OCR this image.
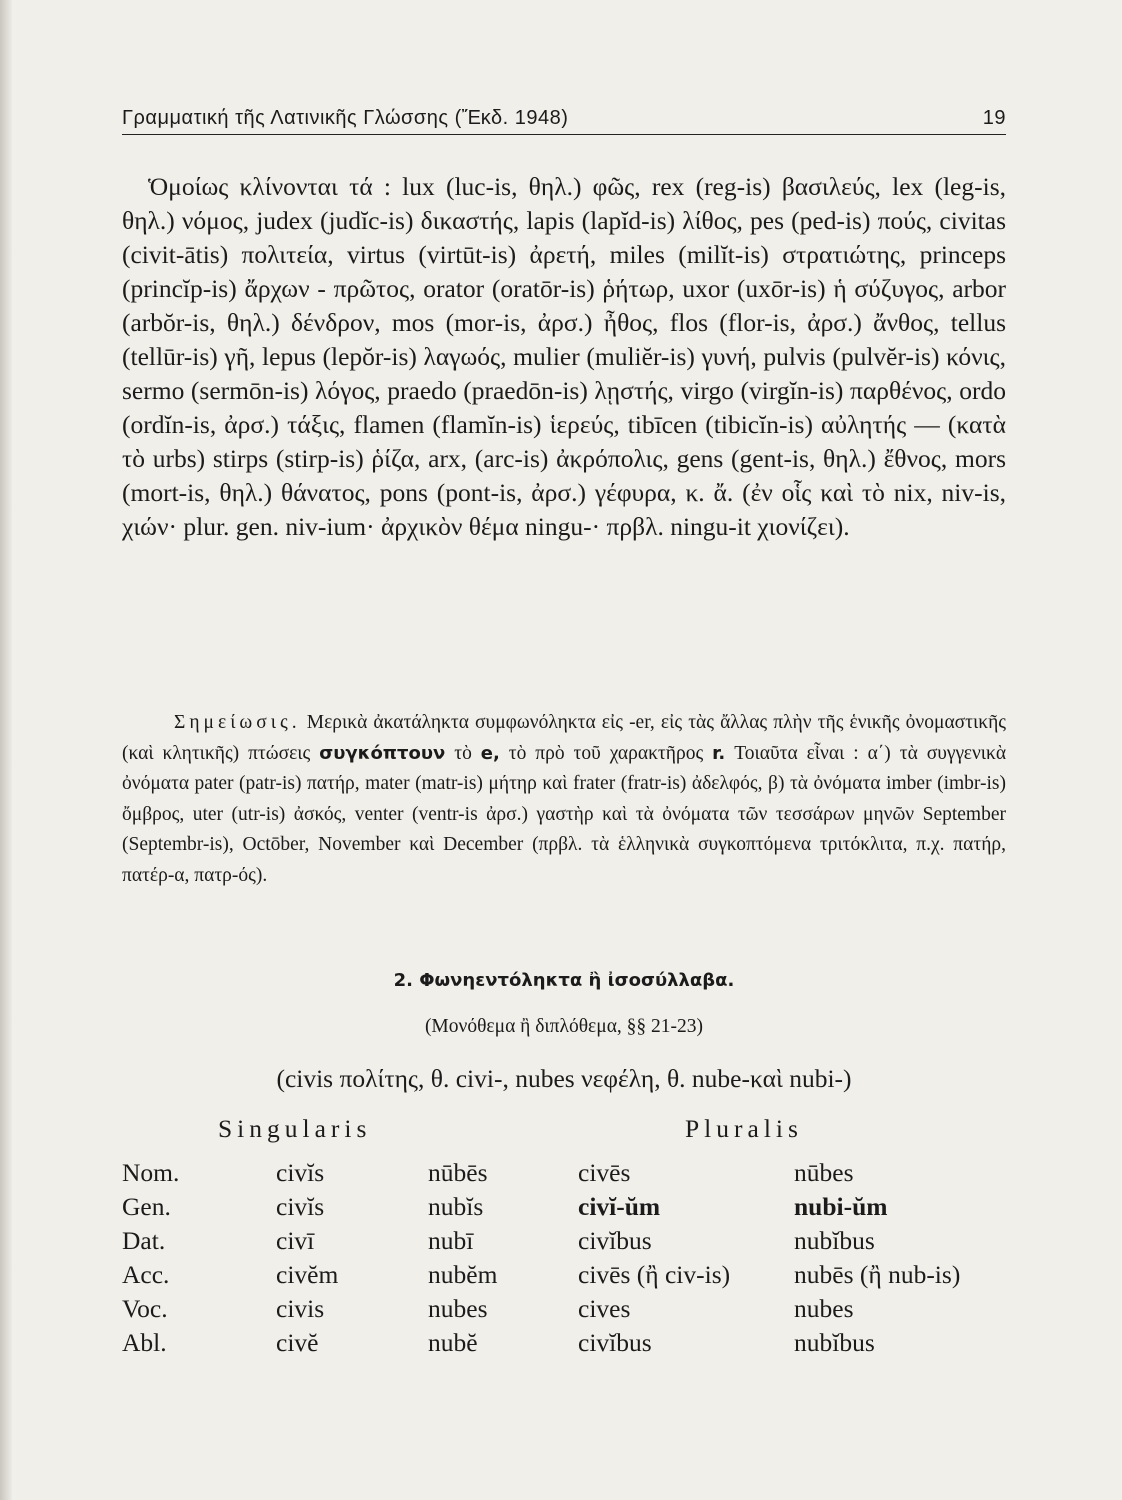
Γραμματική τῆς Λατινικῆς Γλώσσης (Ἔκδ. 1948)	19

Ὁμοίως κλίνονται τά : lux (luc-is, θηλ.) φῶς, rex (reg-is) βασιλεύς, lex (leg-is, θηλ.) νόμος, judex (judĭc-is) δικαστής, lapis (lapĭd-is) λίθος, pes (ped-is) πούς, civitas (civit-ātis) πολιτεία, virtus (virtūt-is) ἀρετή, miles (milĭt-is) στρατιώτης, princeps (princĭp-is) ἄρχων - πρῶτος, orator (oratōr-is) ῥήτωρ, uxor (uxōr-is) ἡ σύζυγος, arbor (arbŏr-is, θηλ.) δένδρον, mos (mor-is, ἀρσ.) ἦθος, flos (flor-is, ἀρσ.) ἄνθος, tellus (tellūr-is) γῆ, lepus (lepŏr-is) λαγωός, mulier (muliĕr-is) γυνή, pulvis (pulvĕr-is) κόνις, sermo (sermōn-is) λόγος, praedo (praedōn-is) λῃστής, virgo (virgĭn-is) παρθένος, ordo (ordĭn-is, ἀρσ.) τάξις, flamen (flamĭn-is) ἱερεύς, tibīcen (tibicĭn-is) αὐλητής — (κατὰ τὸ urbs) stirps (stirp-is) ῥίζα, arx, (arc-is) ἀκρόπολις, gens (gent-is, θηλ.) ἔθνος, mors (mort-is, θηλ.) θάνατος, pons (pont-is, ἀρσ.) γέφυρα, κ. ἄ. (ἐν οἷς καὶ τὸ nix, niv-is, χιών· plur. gen. niv-ium· ἀρχικὸν θέμα ningu-· πρβλ. ningu-it χιονίζει).

Σημείωσις. Μερικὰ ἀκατάληκτα συμφωνόληκτα εἰς -er, εἰς τὰς ἄλλας πλὴν τῆς ἑνικῆς ὀνομαστικῆς (καὶ κλητικῆς) πτώσεις συγκόπτουν τὸ e, τὸ πρὸ τοῦ χαρακτῆρος r. Τοιαῦτα εἶναι : α΄) τὰ συγγενικὰ ὀνόματα pater (patr-is) πατήρ, mater (matr-is) μήτηρ καὶ frater (fratr-is) ἀδελφός, β) τὰ ὀνόματα imber (imbr-is) ὄμβρος, uter (utr-is) ἀσκός, venter (ventr-is ἀρσ.) γαστὴρ καὶ τὰ ὀνόματα τῶν τεσσάρων μηνῶν September (Septembr-is), Octōber, November καὶ December (πρβλ. τὰ ἑλληνικὰ συγκοπτόμενα τριτόκλιτα, π.χ. πατήρ, πατέρ-α, πατρ-ός).

2. Φωνηεντόληκτα ἢ ἰσοσύλλαβα.

(Μονόθεμα ἢ διπλόθεμα, §§ 21-23)

(civis πολίτης, θ. civi-, nubes νεφέλη, θ. nube-καὶ nubi-)

Singularis	Pluralis

Nom.	civĭs	nūbēs	civēs	nūbes
Gen.	civĭs	nubĭs	civĭ-ŭm	nubi-ŭm
Dat.	civī	nubī	civĭbus	nubĭbus
Acc.	civĕm	nubĕm	civēs (ἢ civ-is)	nubēs (ἢ nub-is)
Voc.	civis	nubes	cives	nubes
Abl.	civĕ	nubĕ	civĭbus	nubĭbus
